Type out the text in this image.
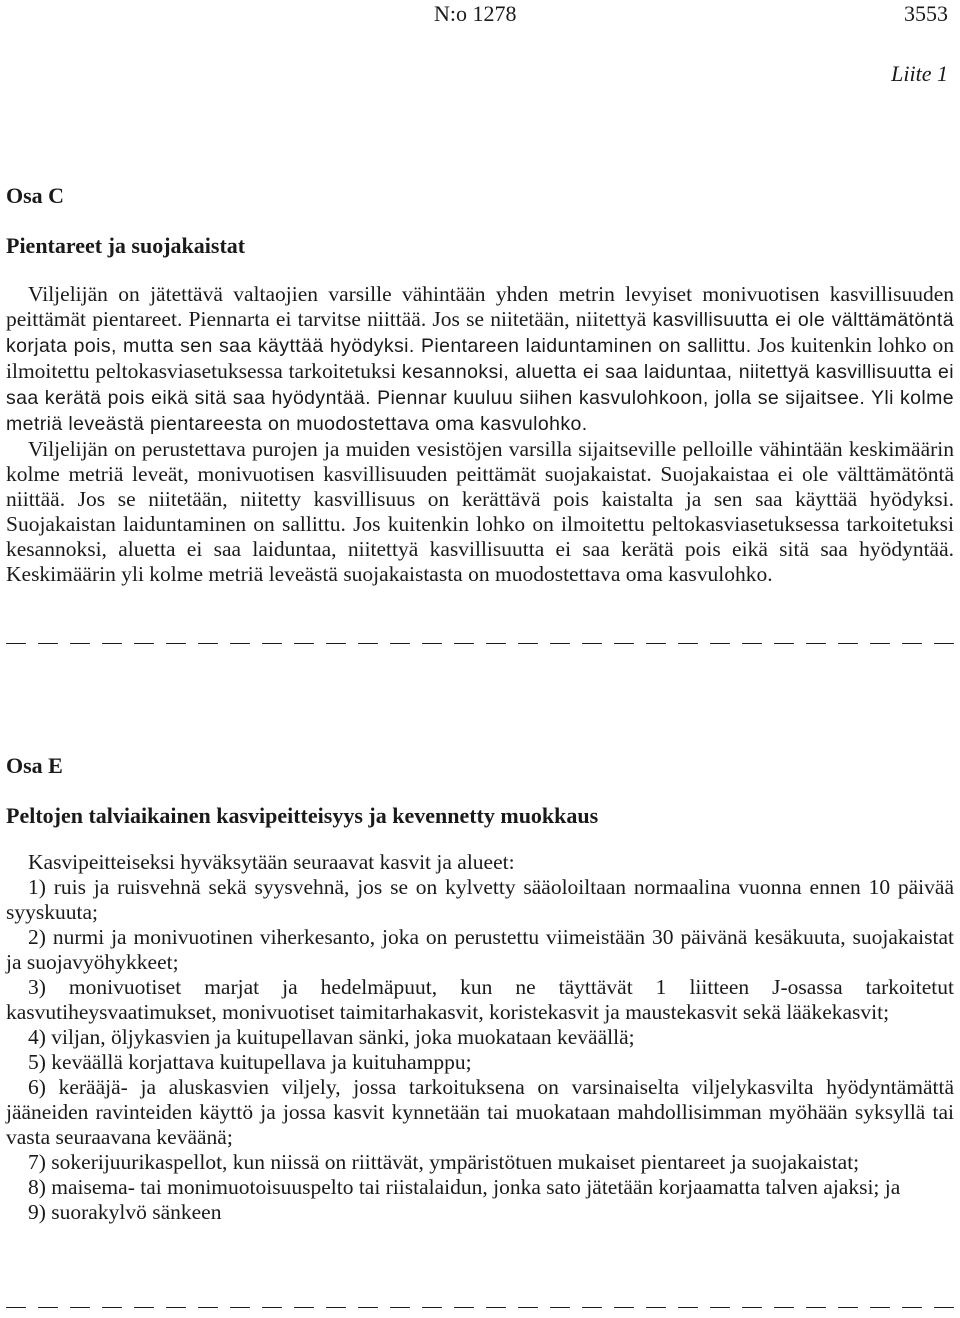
N:o 1278	3553
Liite 1
Osa C
Pientareet ja suojakaistat

Viljelijän on jätettävä valtaojien varsille vähintään yhden metrin levyiset monivuotisen kasvillisuuden peittämät pientareet. Piennarta ei tarvitse niittää. Jos se niitetään, niitettyä kasvillisuutta ei ole välttämätöntä korjata pois, mutta sen saa käyttää hyödyksi. Pientareen laiduntaminen on sallittu. Jos kuitenkin lohko on ilmoitettu peltokasviasetuksessa tarkoitetuksi kesannoksi, aluetta ei saa laiduntaa, niitettyä kasvillisuutta ei saa kerätä pois eikä sitä saa hyödyntää. Piennar kuuluu siihen kasvulohkoon, jolla se sijaitsee. Yli kolme metriä leveästä pientareesta on muodostettava oma kasvulohko.

Viljelijän on perustettava purojen ja muiden vesistöjen varsilla sijaitseville pelloille vähintään keskimäärin kolme metriä leveät, monivuotisen kasvillisuuden peittämät suojakaistat. Suojakaistaa ei ole välttämätöntä niittää. Jos se niitetään, niitetty kasvillisuus on kerättävä pois kaistalta ja sen saa käyttää hyödyksi. Suojakaistan laiduntaminen on sallittu. Jos kuitenkin lohko on ilmoitettu peltokasviasetuksessa tarkoitetuksi kesannoksi, aluetta ei saa laiduntaa, niitettyä kasvillisuutta ei saa kerätä pois eikä sitä saa hyödyntää. Keskimäärin yli kolme metriä leveästä suojakaistasta on muodostettava oma kasvulohko.

Osa E
Peltojen talviaikainen kasvipeitteisyys ja kevennetty muokkaus

Kasvipeitteiseksi hyväksytään seuraavat kasvit ja alueet:

1) ruis ja ruisvehnä sekä syysvehnä, jos se on kylvetty sääoloiltaan normaalina vuonna ennen 10 päivää syyskuuta;

2) nurmi ja monivuotinen viherkesanto, joka on perustettu viimeistään 30 päivänä kesäkuuta, suojakaistat ja suojavyöhykkeet;

3) monivuotiset marjat ja hedelmäpuut, kun ne täyttävät 1 liitteen J-osassa tarkoitetut kasvutiheysvaatimukset, monivuotiset taimitarhakasvit, koristekasvit ja maustekasvit sekä lääkekasvit;

4) viljan, öljykasvien ja kuitupellavan sänki, joka muokataan keväällä;

5) keväällä korjattava kuitupellava ja kuituhamppu;

6) kerääjä- ja aluskasvien viljely, jossa tarkoituksena on varsinaiselta viljelykasvilta hyödyntämättä jääneiden ravinteiden käyttö ja jossa kasvit kynnetään tai muokataan mahdollisimman myöhään syksyllä tai vasta seuraavana keväänä;

7) sokerijuurikaspellot, kun niissä on riittävät, ympäristötuen mukaiset pientareet ja suojakaistat;

8) maisema- tai monimuotoisuuspelto tai riistalaidun, jonka sato jätetään korjaamatta talven ajaksi; ja

9) suorakylvö sänkeen
